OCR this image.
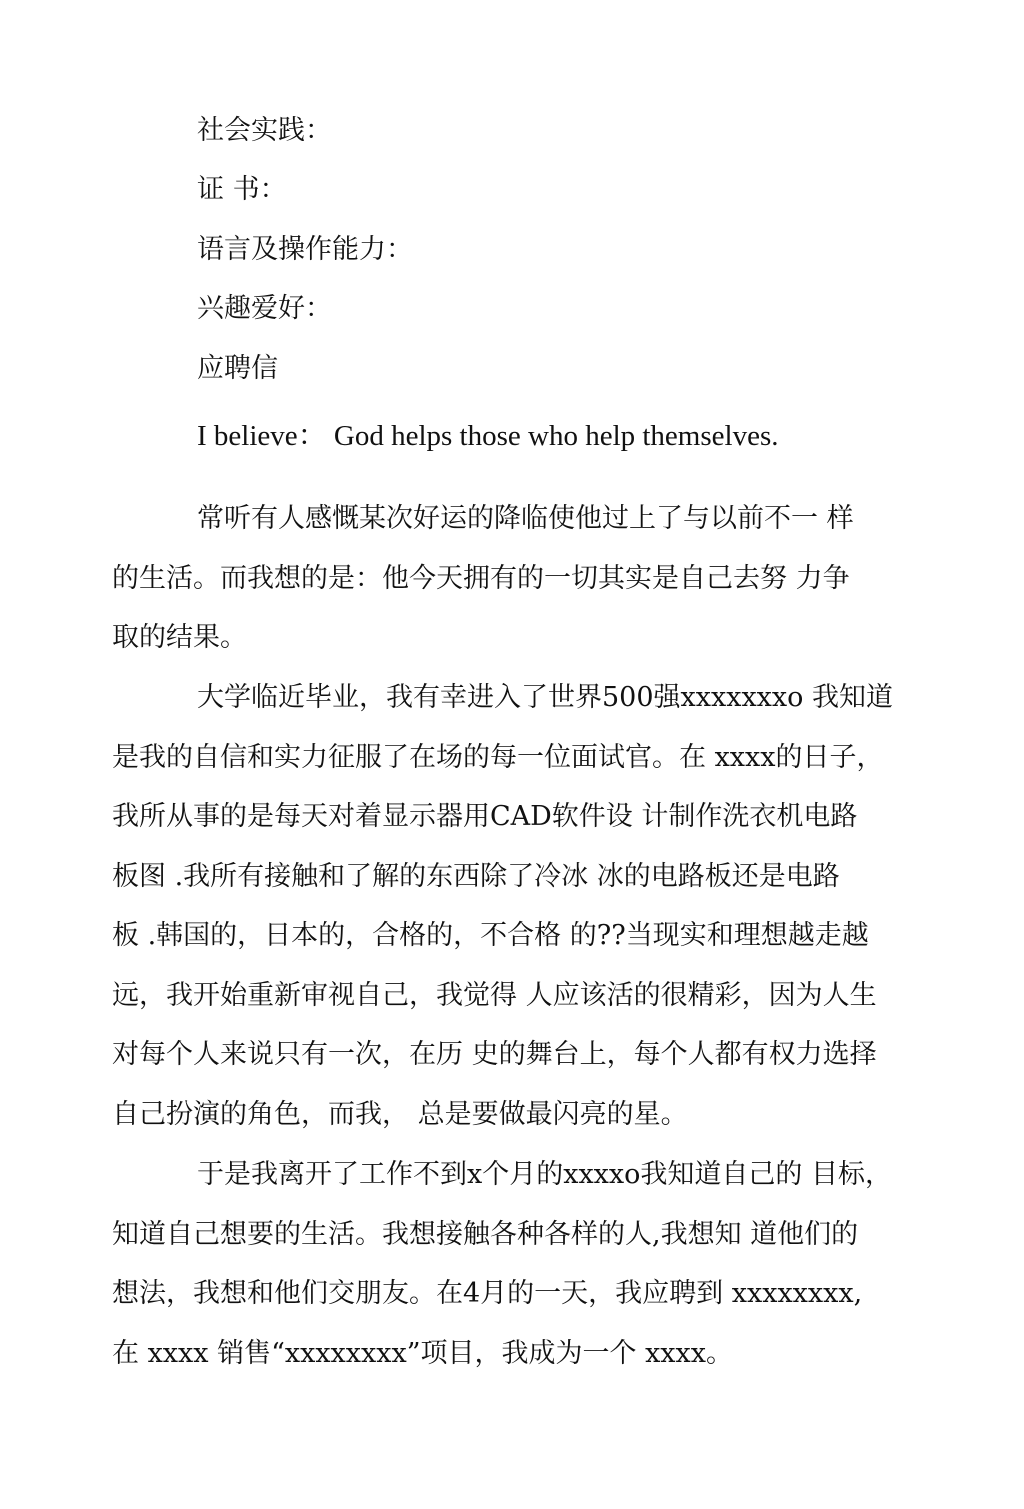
社会实践：
证 书：
语言及操作能力：
兴趣爱好：
应聘信
I believe： God helps those who help themselves.
常听有人感慨某次好运的降临使他过上了与以前不一 样
的生活。而我想的是：他今天拥有的一切其实是自己去努 力争
取的结果。
大学临近毕业，我有幸进入了世界500强xxxxxxxo 我知道
是我的自信和实力征服了在场的每一位面试官。在 xxxx的日子，
我所从事的是每天对着显示器用CAD软件设 计制作洗衣机电路
板图 .我所有接触和了解的东西除了冷冰 冰的电路板还是电路
板 .韩国的，日本的，合格的，不合格 的??当现实和理想越走越
远，我开始重新审视自己，我觉得 人应该活的很精彩，因为人生
对每个人来说只有一次，在历 史的舞台上，每个人都有权力选择
自己扮演的角色，而我， 总是要做最闪亮的星。
于是我离开了工作不到x个月的xxxxo我知道自己的 目标，
知道自己想要的生活。我想接触各种各样的人,我想知 道他们的
想法，我想和他们交朋友。在4月的一天，我应聘到 xxxxxxxx,
在 xxxx 销售“xxxxxxxx”项目，我成为一个 xxxx。
